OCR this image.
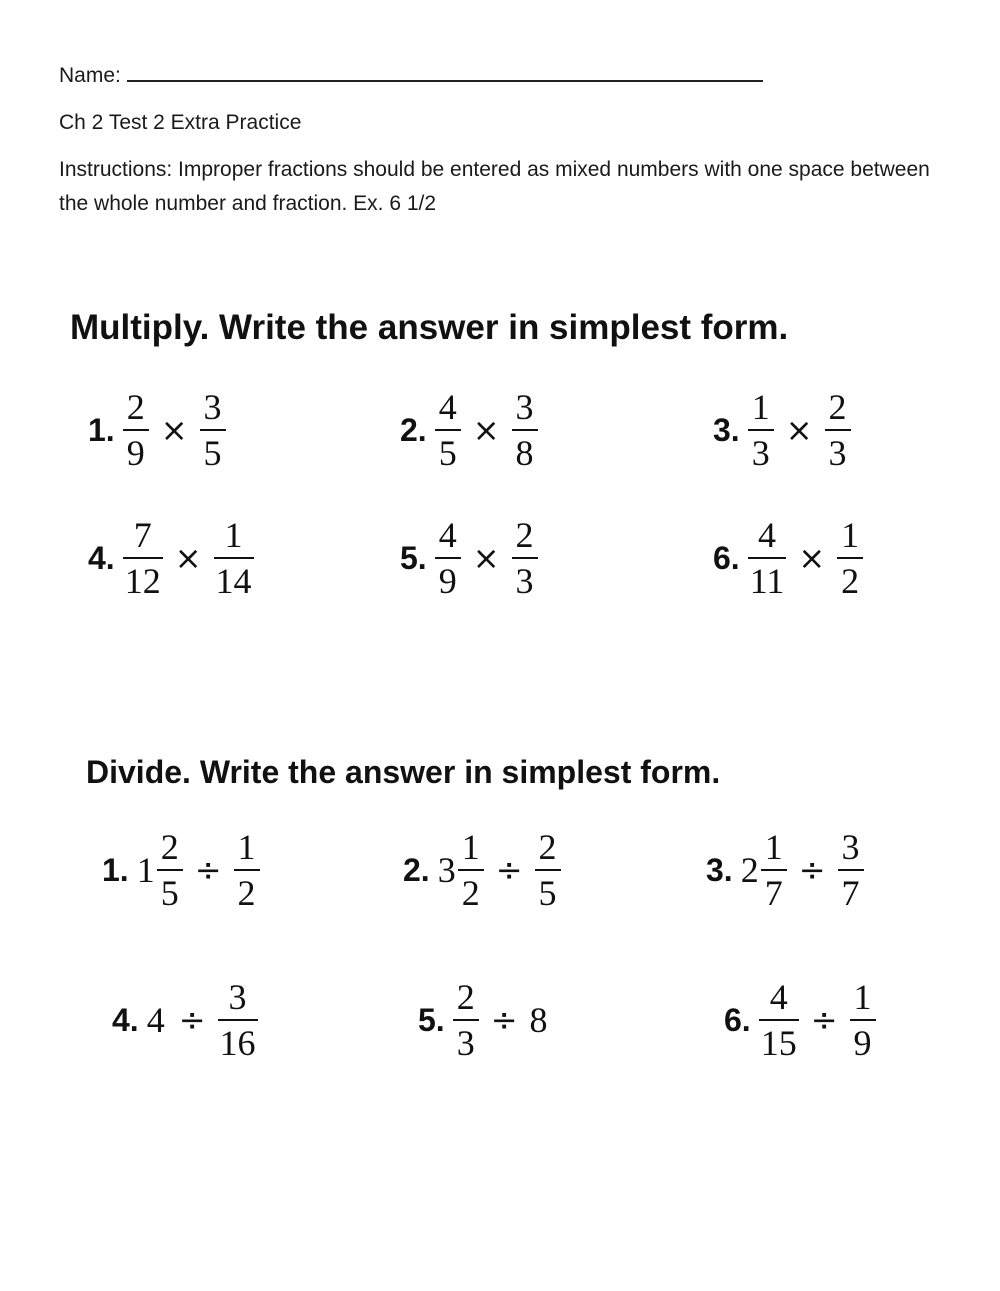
Name:
Ch 2 Test 2 Extra Practice
Instructions: Improper fractions should be entered as mixed numbers with one space between the whole number and fraction. Ex. 6 1/2
Multiply. Write the answer in simplest form.
1. $\frac{2}{9} \times \frac{3}{5}$	2. $\frac{4}{5} \times \frac{3}{8}$	3. $\frac{1}{3} \times \frac{2}{3}$
4. $\frac{7}{12} \times \frac{1}{14}$	5. $\frac{4}{9} \times \frac{2}{3}$	6. $\frac{4}{11} \times \frac{1}{2}$
Divide. Write the answer in simplest form.
1. $1 \frac{2}{5} \div \frac{1}{2}$	2. $3 \frac{1}{2} \div \frac{2}{5}$	3. $2 \frac{1}{7} \div \frac{3}{7}$
4. $4 \div \frac{3}{16}$	5. $\frac{2}{3} \div 8$	6. $\frac{4}{15} \div \frac{1}{9}$
